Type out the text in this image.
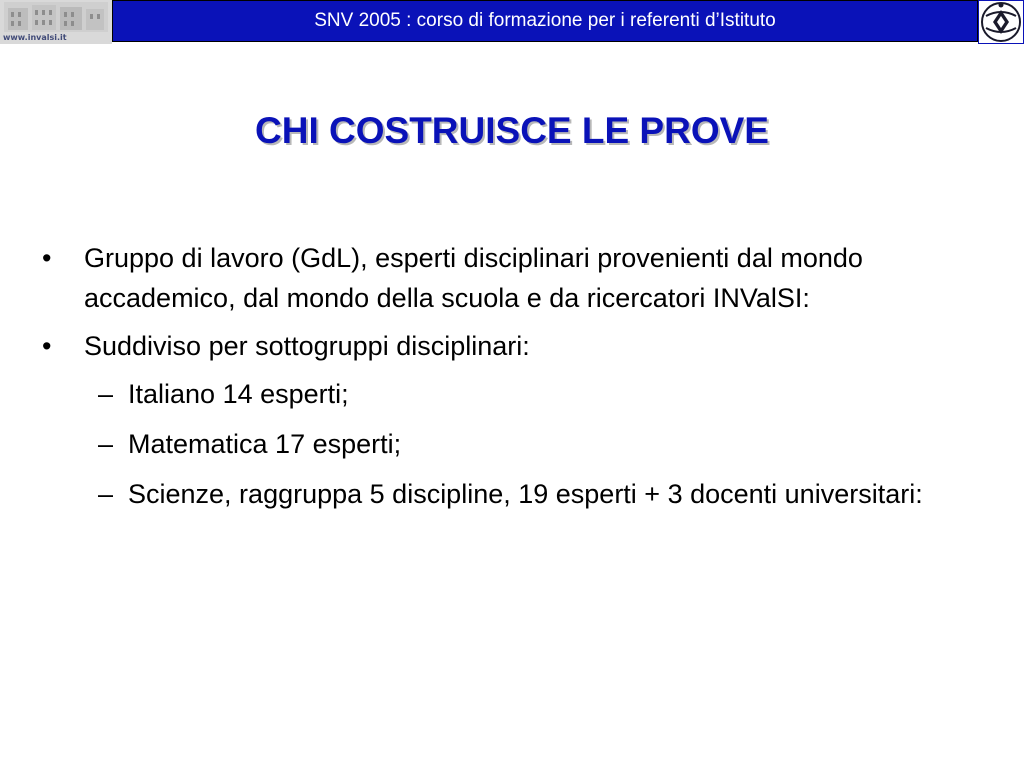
www.invalsi.it
SNV 2005 : corso di formazione per i referenti d’Istituto
CHI COSTRUISCE LE PROVE
•	Gruppo di lavoro (GdL), esperti disciplinari provenienti dal mondo accademico, dal mondo della scuola e da ricercatori INValSI:
•	Suddiviso per sottogruppi disciplinari:
– Italiano 14 esperti;
– Matematica 17 esperti;
– Scienze, raggruppa 5 discipline, 19 esperti + 3 docenti universitari:
